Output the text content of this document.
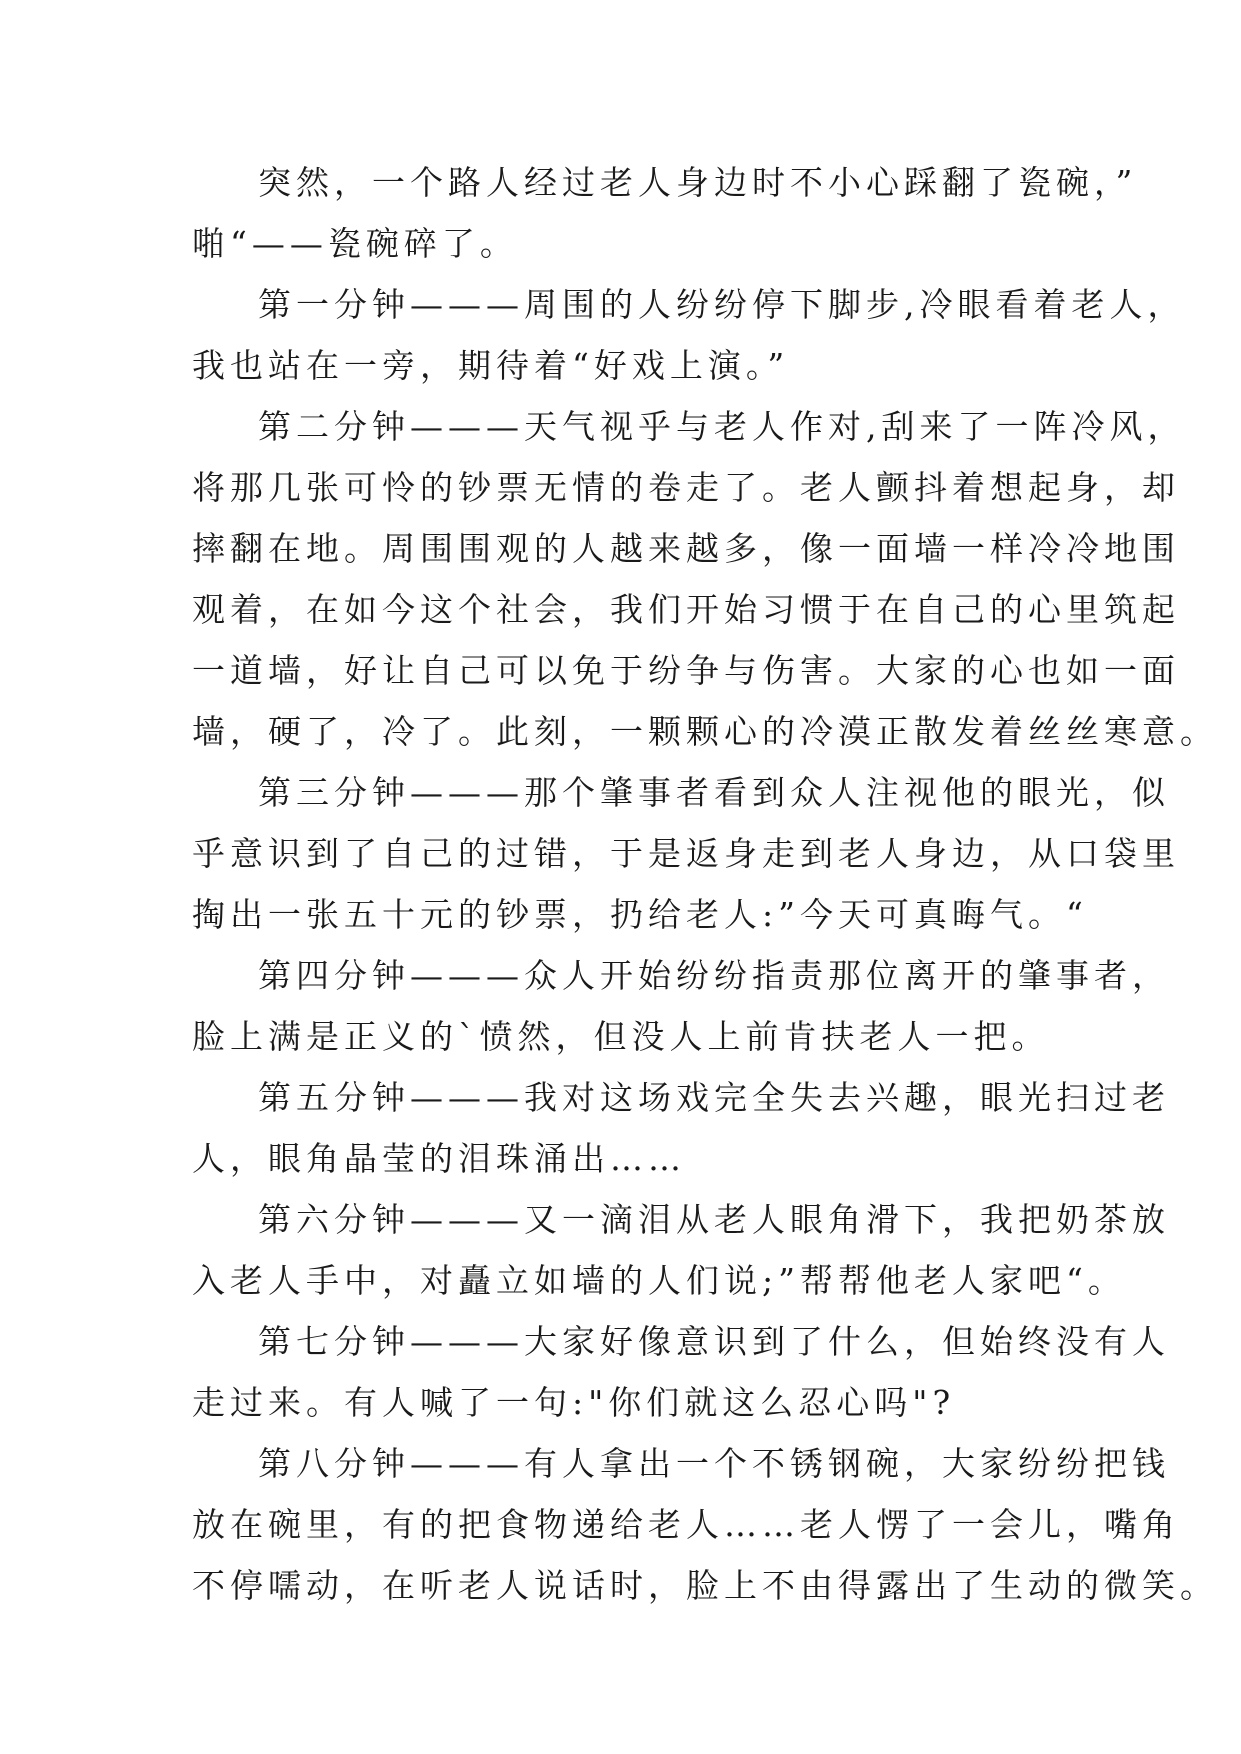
突然，一个路人经过老人身边时不小心踩翻了瓷碗，”
啪“——瓷碗碎了。
第一分钟———周围的人纷纷停下脚步,冷眼看着老人，
我也站在一旁，期待着“好戏上演。”
第二分钟———天气视乎与老人作对,刮来了一阵冷风，
将那几张可怜的钞票无情的卷走了。老人颤抖着想起身，却
摔翻在地。周围围观的人越来越多，像一面墙一样冷冷地围
观着，在如今这个社会，我们开始习惯于在自己的心里筑起
一道墙，好让自己可以免于纷争与伤害。大家的心也如一面
墙，硬了，冷了。此刻，一颗颗心的冷漠正散发着丝丝寒意。
第三分钟———那个肇事者看到众人注视他的眼光，似
乎意识到了自己的过错，于是返身走到老人身边，从口袋里
掏出一张五十元的钞票，扔给老人:”今天可真晦气。“
第四分钟———众人开始纷纷指责那位离开的肇事者，
脸上满是正义的`愤然，但没人上前肯扶老人一把。
第五分钟———我对这场戏完全失去兴趣，眼光扫过老
人，眼角晶莹的泪珠涌出……
第六分钟———又一滴泪从老人眼角滑下，我把奶茶放
入老人手中，对矗立如墙的人们说;”帮帮他老人家吧“。
第七分钟———大家好像意识到了什么，但始终没有人
走过来。有人喊了一句:"你们就这么忍心吗"?
第八分钟———有人拿出一个不锈钢碗，大家纷纷把钱
放在碗里，有的把食物递给老人……老人愣了一会儿，嘴角
不停嚅动，在听老人说话时，脸上不由得露出了生动的微笑。
